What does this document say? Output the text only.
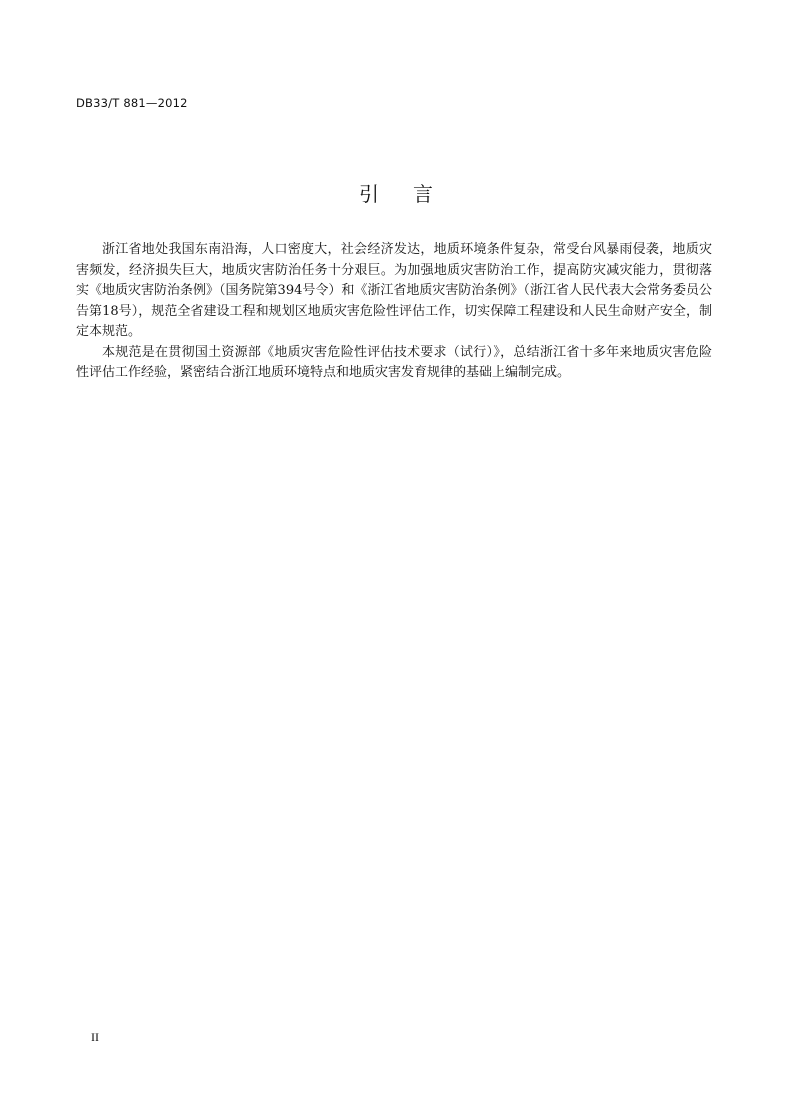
DB33/T 881—2012
引言

浙江省地处我国东南沿海，人口密度大，社会经济发达，地质环境条件复杂，常受台风暴雨侵袭，地质灾害频发，经济损失巨大，地质灾害防治任务十分艰巨。为加强地质灾害防治工作，提高防灾减灾能力，贯彻落实《地质灾害防治条例》（国务院第394号令）和《浙江省地质灾害防治条例》（浙江省人民代表大会常务委员公告第18号），规范全省建设工程和规划区地质灾害危险性评估工作，切实保障工程建设和人民生命财产安全，制定本规范。

本规范是在贯彻国土资源部《地质灾害危险性评估技术要求（试行）》，总结浙江省十多年来地质灾害危险性评估工作经验，紧密结合浙江地质环境特点和地质灾害发育规律的基础上编制完成。

II
